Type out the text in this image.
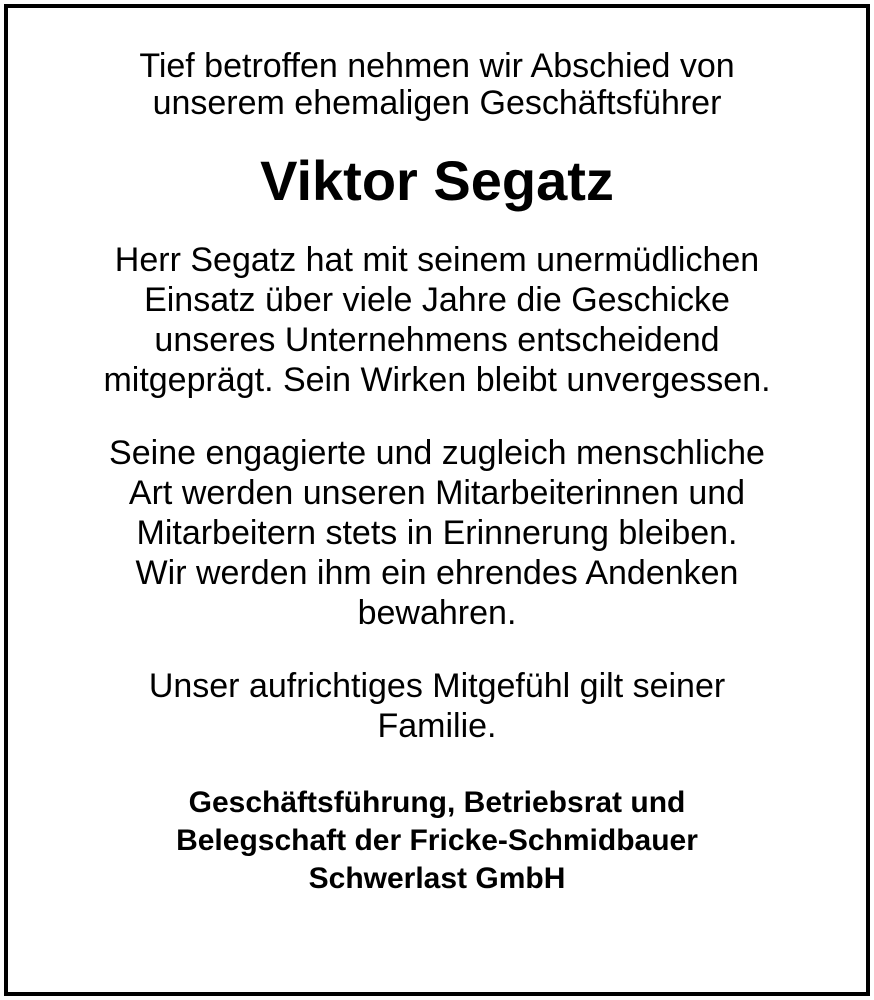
Tief betroffen nehmen wir Abschied von
unserem ehemaligen Geschäftsführer

Viktor Segatz

Herr Segatz hat mit seinem unermüdlichen
Einsatz über viele Jahre die Geschicke
unseres Unternehmens entscheidend
mitgeprägt. Sein Wirken bleibt unvergessen.

Seine engagierte und zugleich menschliche
Art werden unseren Mitarbeiterinnen und
Mitarbeitern stets in Erinnerung bleiben.
Wir werden ihm ein ehrendes Andenken
bewahren.

Unser aufrichtiges Mitgefühl gilt seiner
Familie.

Geschäftsführung, Betriebsrat und
Belegschaft der Fricke-Schmidbauer
Schwerlast GmbH
